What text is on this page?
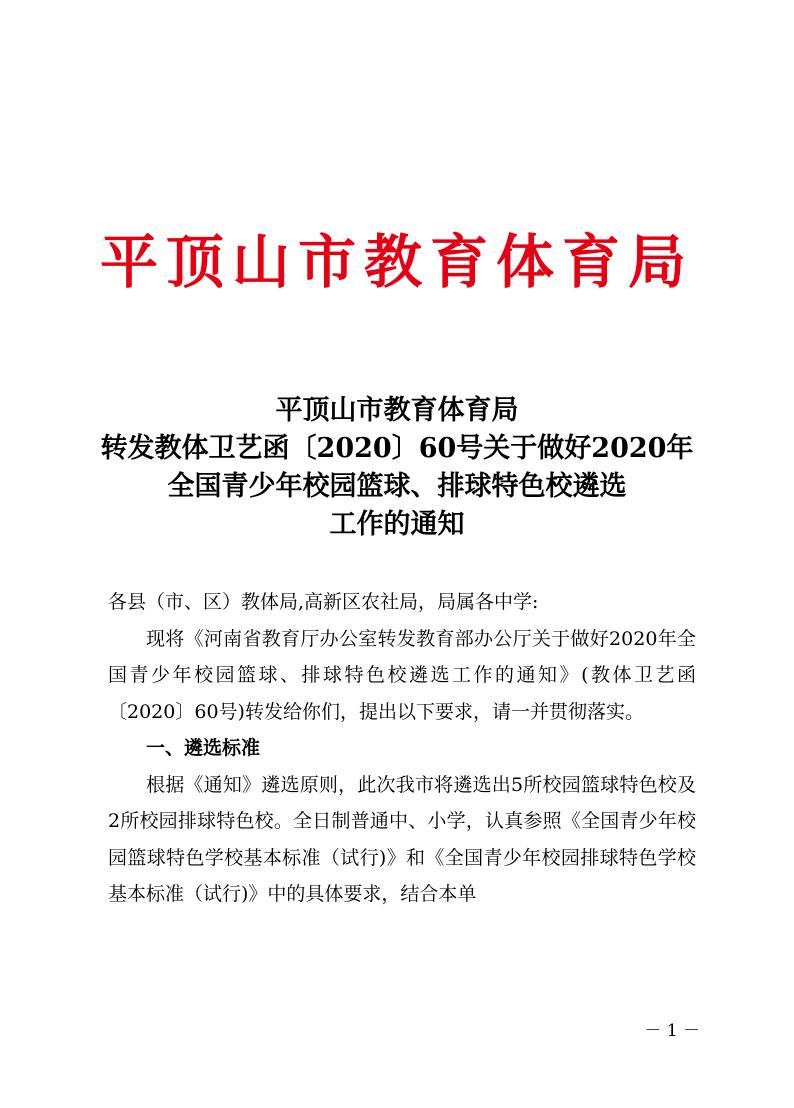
平顶山市教育体育局
平顶山市教育体育局
转发教体卫艺函〔2020〕60号关于做好2020年
全国青少年校园篮球、排球特色校遴选
工作的通知

各县（市、区）教体局,高新区农社局，局属各中学:

现将《河南省教育厅办公室转发教育部办公厅关于做好2020年全国青少年校园篮球、排球特色校遴选工作的通知》(教体卫艺函〔2020〕60号)转发给你们，提出以下要求，请一并贯彻落实。

一、遴选标准

根据《通知》遴选原则，此次我市将遴选出5所校园篮球特色校及2所校园排球特色校。全日制普通中、小学，认真参照《全国青少年校园篮球特色学校基本标准（试行)》和《全国青少年校园排球特色学校基本标准（试行)》中的具体要求，结合本单

－ 1 －
